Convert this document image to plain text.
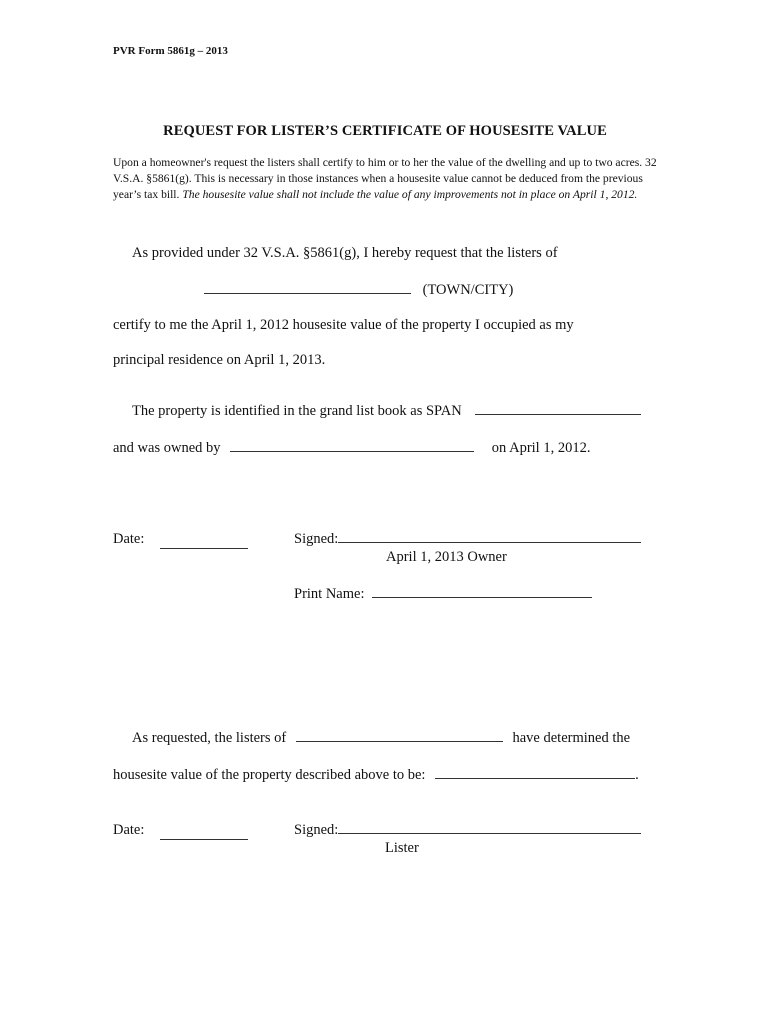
PVR Form 5861g – 2013
REQUEST FOR LISTER’S CERTIFICATE OF HOUSESITE VALUE
Upon a homeowner's request the listers shall certify to him or to her the value of the dwelling and up to two acres. 32 V.S.A. §5861(g). This is necessary in those instances when a housesite value cannot be deduced from the previous year’s tax bill. The housesite value shall not include the value of any improvements not in place on April 1, 2012.
As provided under 32 V.S.A. §5861(g), I hereby request that the listers of
(TOWN/CITY)
certify to me the April 1, 2012 housesite value of the property I occupied as my
principal residence on April 1, 2013.
The property is identified in the grand list book as SPAN
and was owned by	on April 1, 2012.
Date:	Signed:
April 1, 2013 Owner
Print Name:
As requested, the listers of	have determined the
housesite value of the property described above to be:	.
Date:	Signed:
Lister
